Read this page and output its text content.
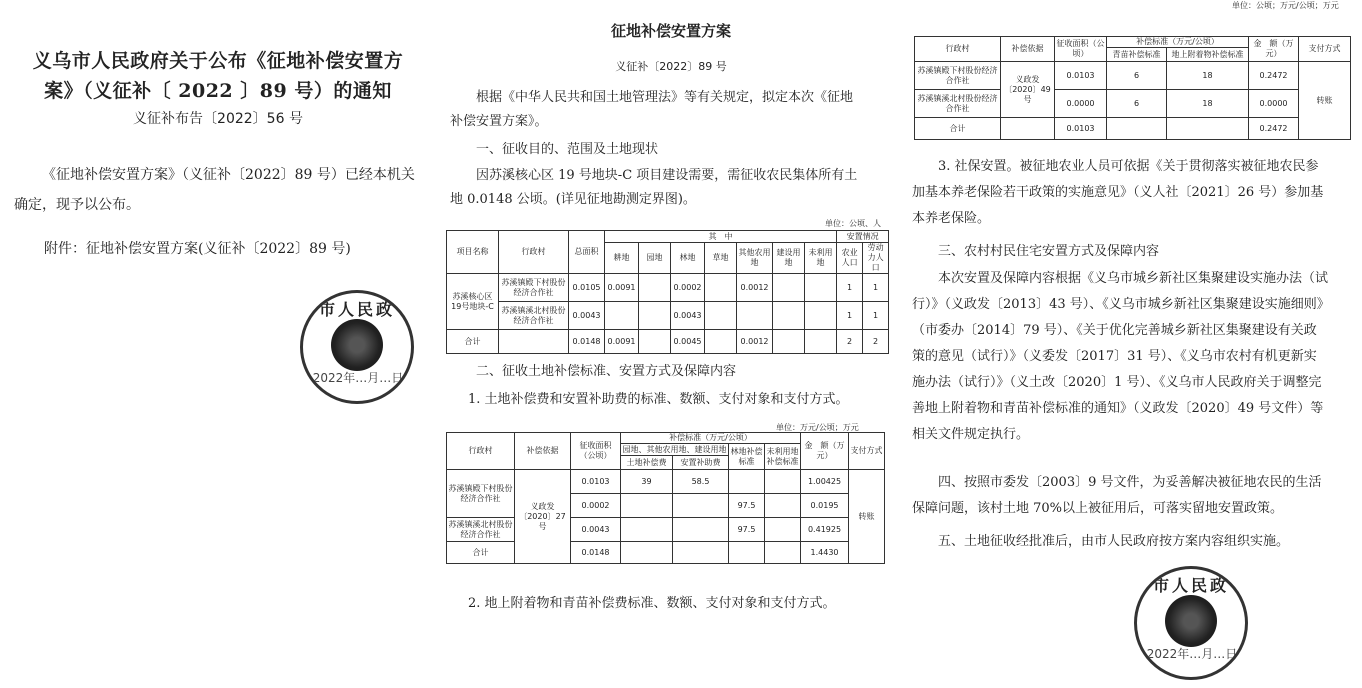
义乌市人民政府关于公布《征地补偿安置方案》（义征补〔 2022 〕89 号）的通知
义征补布告〔2022〕56 号

《征地补偿安置方案》（义征补〔2022〕89 号）已经本机关确定，现予以公布。

附件：征地补偿安置方案(义征补〔2022〕89 号)

市人民政
2022年…月…日
征地补偿安置方案
义征补〔2022〕89 号

根据《中华人民共和国土地管理法》等有关规定，拟定本次《征地补偿安置方案》。

一、征收目的、范围及土地现状

因苏溪核心区 19 号地块-C 项目建设需要，需征收农民集体所有土地 0.0148 公顷。(详见征地勘测定界图)。

单位：公顷、人
项目名称	行政村	总面积	其　中							安置情况	
			耕地	园地	林地	草地	其他农用地	建设用地	未利用地	农业人口	劳动力人口
苏溪核心区19号地块-C	苏溪镇殿下村股份经济合作社	0.0105	0.0091		0.0002		0.0012			1	1
	苏溪镇溪北村股份经济合作社	0.0043			0.0043					1	1
合计		0.0148	0.0091		0.0045		0.0012			2	2

二、征收土地补偿标准、安置方式及保障内容

1. 土地补偿费和安置补助费的标准、数额、支付对象和支付方式。

单位：万元/公顷；万元
行政村	补偿依据	征收面积（公顷）	补偿标准（万元/公顷）				金　额（万元）	支付方式
			园地、其他农用地、建设用地		林地补偿标准	未利用地补偿标准		
			土地补偿费	安置补助费				
苏溪镇殿下村股份经济合作社	义政发〔2020〕27号	0.0103	39	58.5			1.00425	转账
		0.0002			97.5		0.0195	
苏溪镇溪北村股份经济合作社		0.0043			97.5		0.41925	
合计		0.0148					1.4430	

2. 地上附着物和青苗补偿费标准、数额、支付对象和支付方式。

单位：公顷；万元/公顷；万元
行政村	补偿依据	征收面积（公顷）	补偿标准（万元/公顷）		金　额（万元）	支付方式
			青苗补偿标准	地上附着物补偿标准		
苏溪镇殿下村股份经济合作社	义政发〔2020〕49号	0.0103	6	18	0.2472	转账
苏溪镇溪北村股份经济合作社		0.0000	6	18	0.0000	
合计		0.0103			0.2472	

3. 社保安置。被征地农业人员可依据《关于贯彻落实被征地农民参加基本养老保险若干政策的实施意见》（义人社〔2021〕26 号）参加基本养老保险。

三、农村村民住宅安置方式及保障内容

本次安置及保障内容根据《义乌市城乡新社区集聚建设实施办法（试行）》（义政发〔2013〕43 号）、《义乌市城乡新社区集聚建设实施细则》（市委办〔2014〕79 号）、《关于优化完善城乡新社区集聚建设有关政策的意见（试行）》（义委发〔2017〕31 号）、《义乌市农村有机更新实施办法（试行）》（义土改〔2020〕1 号）、《义乌市人民政府关于调整完善地上附着物和青苗补偿标准的通知》（义政发〔2020〕49 号文件）等相关文件规定执行。

四、按照市委发〔2003〕9 号文件，为妥善解决被征地农民的生活保障问题，该村土地 70%以上被征用后，可落实留地安置政策。

五、土地征收经批准后，由市人民政府按方案内容组织实施。

市人民政
2022年…月…日
